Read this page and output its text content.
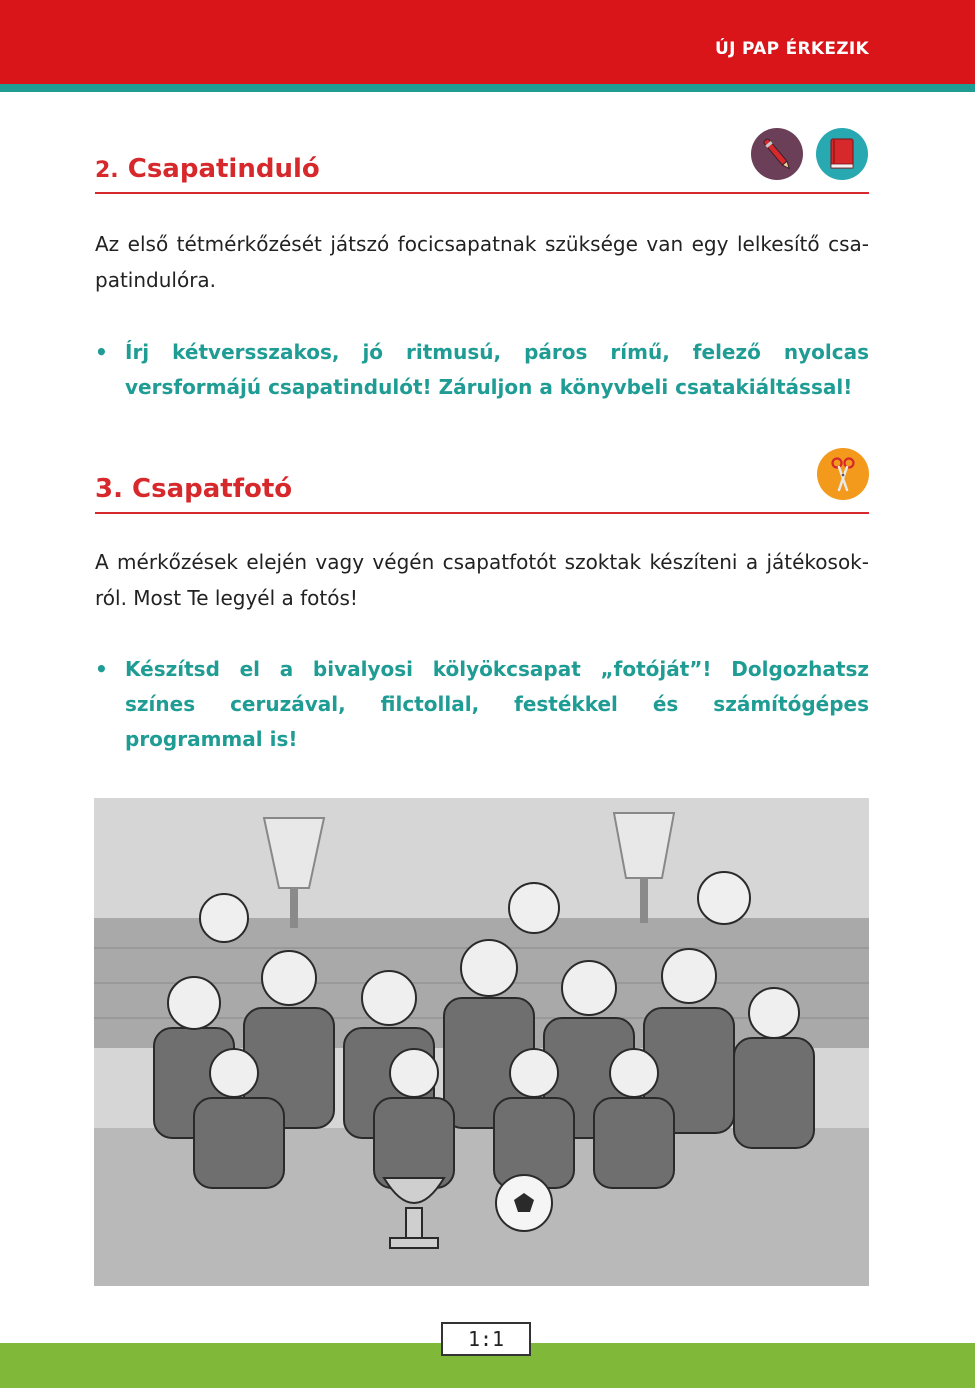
ÚJ PAP ÉRKEZIK
2. Csapatinduló

Az első tétmérkőzését játszó focicsapatnak szüksége van egy lelkesítő csapatindulóra.

• Írj kétversszakos, jó ritmusú, páros rímű, felező nyolcas versformájú csapatindulót! Záruljon a könyvbeli csatakiáltással!
3. Csapatfotó

A mérkőzések elején vagy végén csapatfotót szoktak készíteni a játékosokról. Most Te legyél a fotós!

• Készítsd el a bivalyosi kölyökcsapat „fotóját”! Dolgozhatsz színes ceruzával, filctollal, festékkel és számítógépes programmal is!
1:1
